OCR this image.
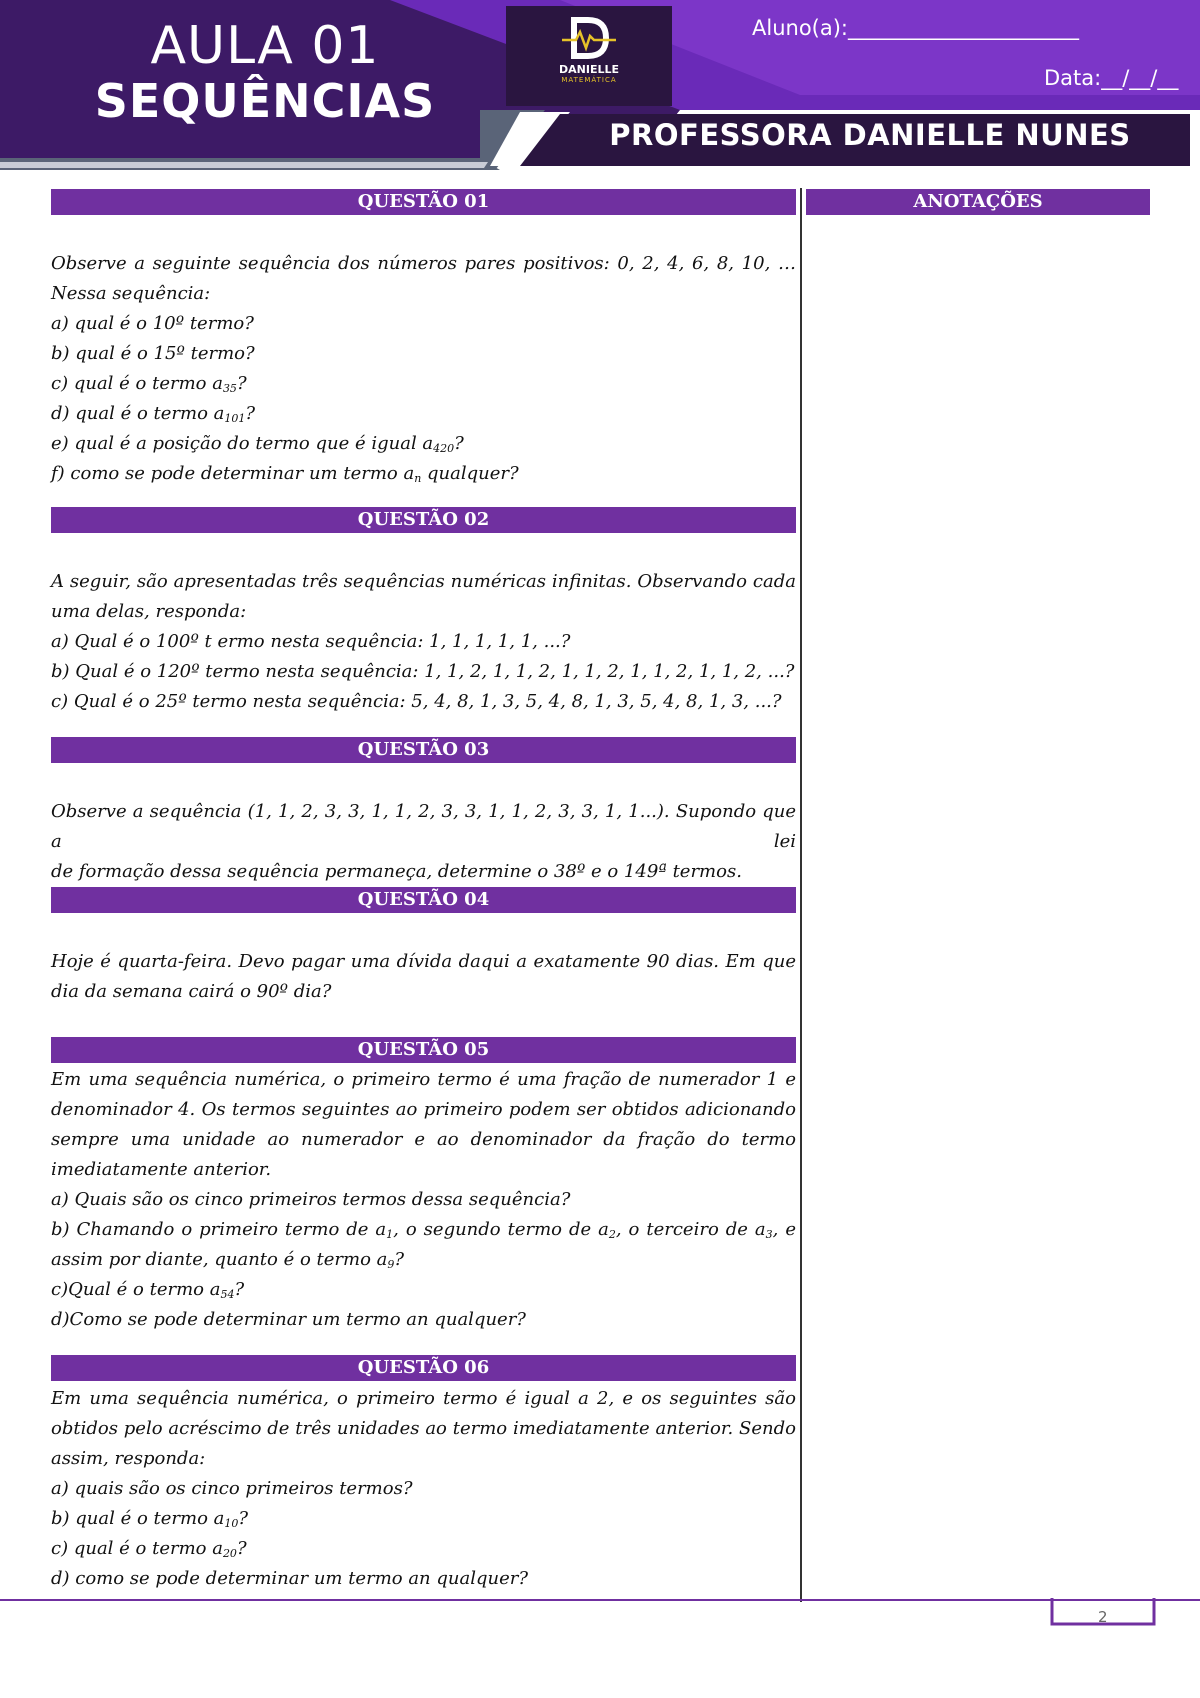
AULA 01
SEQUÊNCIAS
DANIELLE
MATEMÁTICA
Aluno(a):______________________
Data:__/__/__
PROFESSORA DANIELLE NUNES
ANOTAÇÕES
QUESTÃO 01

Observe a seguinte sequência dos números pares positivos: 0, 2, 4, 6, 8, 10, …

Nessa sequência:

a) qual é o 10º termo?

b) qual é o 15º termo?

c) qual é o termo $a_{35}$?

d) qual é o termo $a_{101}$?

e) qual é a posição do termo que é igual $a_{420}$?

f) como se pode determinar um termo $a_n$ qualquer?

QUESTÃO 02

A seguir, são apresentadas três sequências numéricas infinitas. Observando cada

uma delas, responda:

a) Qual é o 100º t ermo nesta sequência: 1, 1, 1, 1, 1, ...?

b) Qual é o 120º termo nesta sequência: 1, 1, 2, 1, 1, 2, 1, 1, 2, 1, 1, 2, 1, 1, 2, ...?

c) Qual é o 25º termo nesta sequência: 5, 4, 8, 1, 3, 5, 4, 8, 1, 3, 5, 4, 8, 1, 3, ...?

QUESTÃO 03

Observe a sequência (1, 1, 2, 3, 3, 1, 1, 2, 3, 3, 1, 1, 2, 3, 3, 1, 1...). Supondo que a lei

de formação dessa sequência permaneça, determine o 38º e o 149ª termos.

QUESTÃO 04

Hoje é quarta-feira. Devo pagar uma dívida daqui a exatamente 90 dias. Em que

dia da semana cairá o 90º dia?

QUESTÃO 05

Em uma sequência numérica, o primeiro termo é uma fração de numerador 1 e

denominador 4. Os termos seguintes ao primeiro podem ser obtidos adicionando

sempre uma unidade ao numerador e ao denominador da fração do termo

imediatamente anterior.

a) Quais são os cinco primeiros termos dessa sequência?

b) Chamando o primeiro termo de $a_1$, o segundo termo de $a_2$, o terceiro de $a_3$, e

assim por diante, quanto é o termo $a_9$?

c)Qual é o termo $a_{54}$?

d)Como se pode determinar um termo an qualquer?

QUESTÃO 06

Em uma sequência numérica, o primeiro termo é igual a 2, e os seguintes são

obtidos pelo acréscimo de três unidades ao termo imediatamente anterior. Sendo

assim, responda:

a) quais são os cinco primeiros termos?

b) qual é o termo $a_{10}$?

c) qual é o termo $a_{20}$?

d) como se pode determinar um termo an qualquer?

2
